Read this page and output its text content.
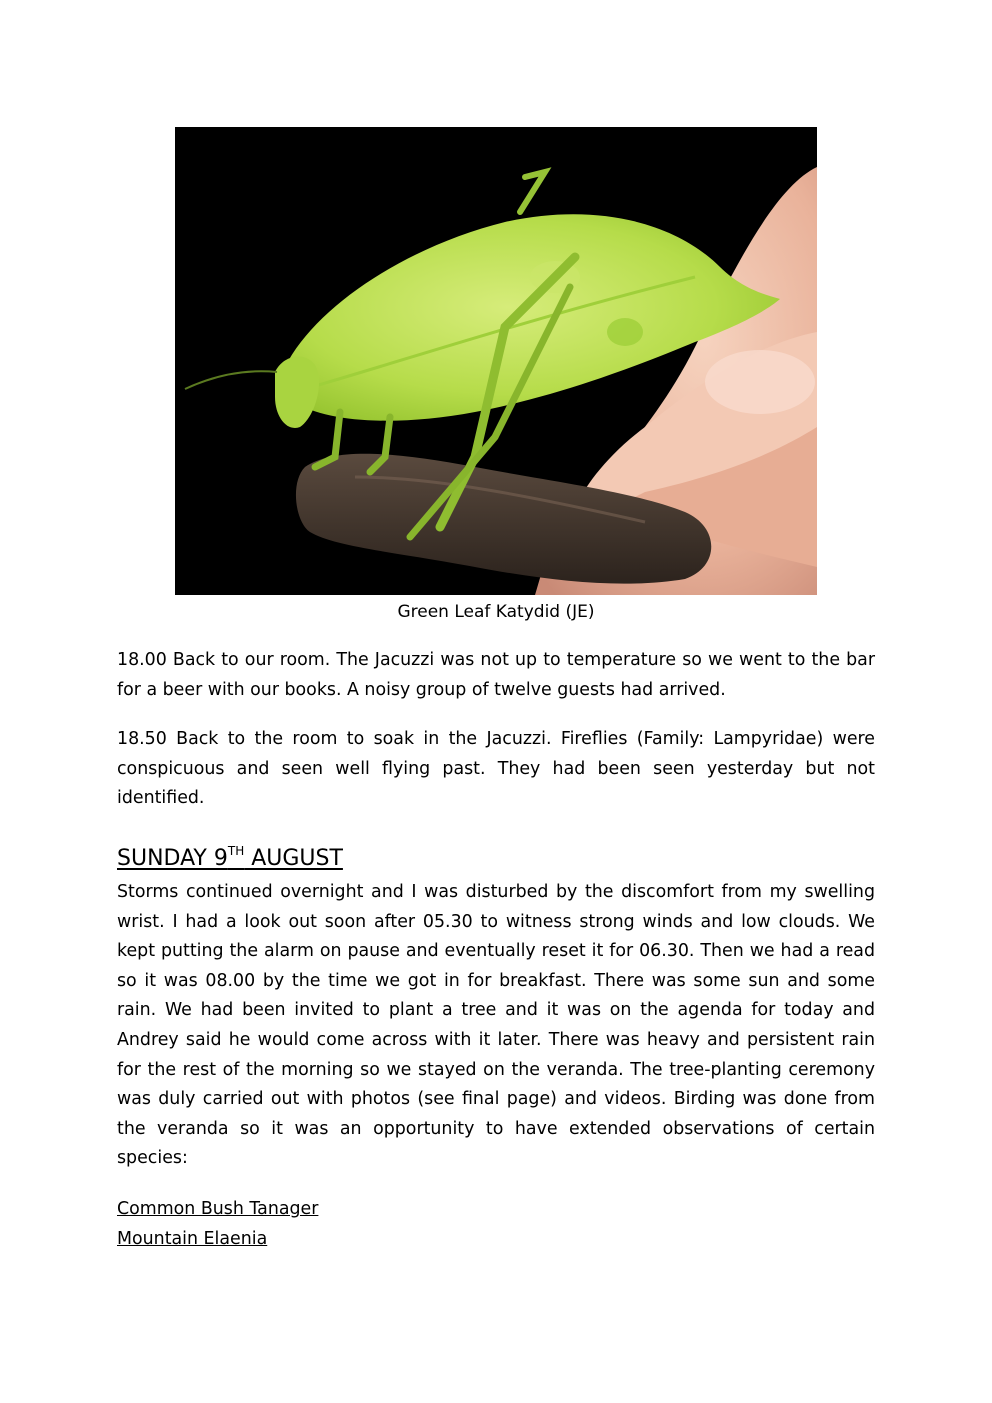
Green Leaf Katydid (JE)

18.00 Back to our room. The Jacuzzi was not up to temperature so we went to the bar for a beer with our books. A noisy group of twelve guests had arrived.

18.50 Back to the room to soak in the Jacuzzi. Fireflies (Family: Lampyridae) were conspicuous and seen well flying past. They had been seen yesterday but not identified.

SUNDAY 9TH AUGUST

Storms continued overnight and I was disturbed by the discomfort from my swelling wrist. I had a look out soon after 05.30 to witness strong winds and low clouds. We kept putting the alarm on pause and eventually reset it for 06.30. Then we had a read so it was 08.00 by the time we got in for breakfast. There was some sun and some rain. We had been invited to plant a tree and it was on the agenda for today and Andrey said he would come across with it later. There was heavy and persistent rain for the rest of the morning so we stayed on the veranda. The tree-planting ceremony was duly carried out with photos (see final page) and videos. Birding was done from the veranda so it was an opportunity to have extended observations of certain species:

Common Bush Tanager

Mountain Elaenia
